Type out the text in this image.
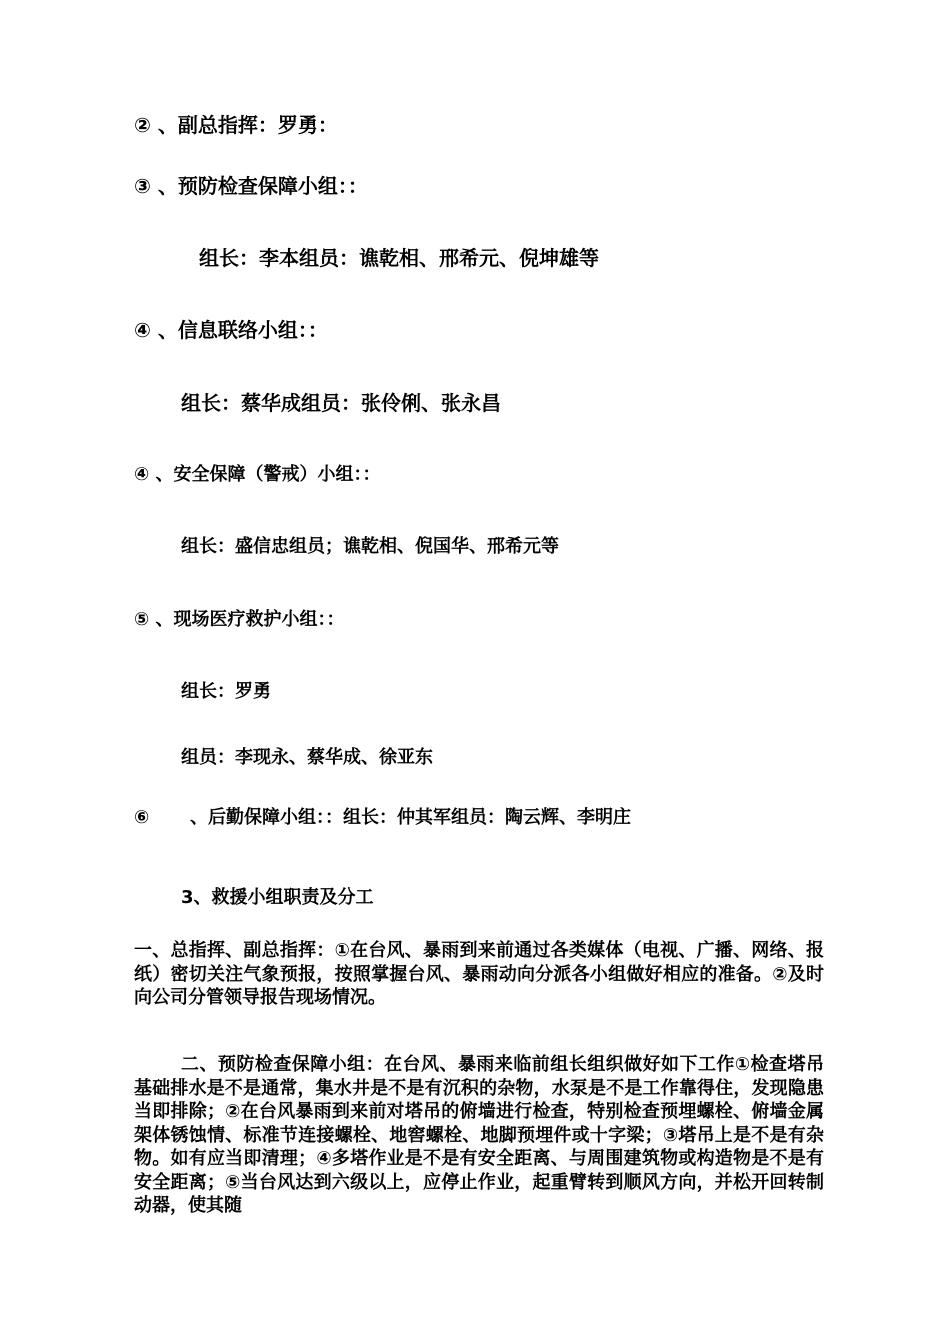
② 、副总指挥：罗勇：
③ 、预防检查保障小组：：
组长：李本组员：谯乾相、邢希元、倪坤雄等
④ 、信息联络小组：：
组长：蔡华成组员：张伶俐、张永昌
④ 、安全保障（警戒）小组：：
组长：盛信忠组员；谯乾相、倪国华、邢希元等
⑤ 、现场医疗救护小组：：
组长：罗勇
组员：李现永、蔡华成、徐亚东
⑥ 、后勤保障小组：：组长：仲其军组员：陶云辉、李明庄
3、救援小组职责及分工
一、总指挥、副总指挥：①在台风、暴雨到来前通过各类媒体（电视、广播、网络、报纸）密切关注气象预报，按照掌握台风、暴雨动向分派各小组做好相应的准备。②及时向公司分管领导报告现场情况。
二、预防检查保障小组：在台风、暴雨来临前组长组织做好如下工作①检查塔吊基础排水是不是通常，集水井是不是有沉积的杂物，水泵是不是工作靠得住，发现隐患当即排除；②在台风暴雨到来前对塔吊的俯墙进行检查，特别检查预埋螺栓、俯墙金属架体锈蚀情、标准节连接螺栓、地窖螺栓、地脚预埋件或十字梁；③塔吊上是不是有杂物。如有应当即清理；④多塔作业是不是有安全距离、与周围建筑物或构造物是不是有安全距离；⑤当台风达到六级以上，应停止作业，起重臂转到顺风方向，并松开回转制动器，使其随
